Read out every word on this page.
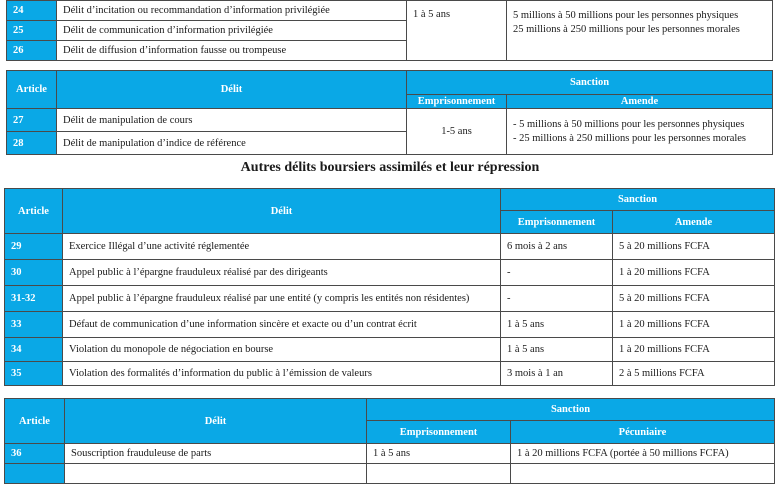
24	Délit d’incitation ou recommandation d’information privilégiée	1 à 5 ans	5 millions à 50 millions pour les personnes physiques
25 millions à 250 millions pour les personnes morales

25	Délit de communication d’information privilégiée		
26	Délit de diffusion d’information fausse ou trompeuse		
Article	Délit	Sanction	
		Emprisonnement	Amende
27	Délit de manipulation de cours	1-5 ans	- 5 millions à 50 millions pour les personnes physiques
- 25 millions à 250 millions pour les personnes morales

28	Délit de manipulation d’indice de référence		
Autres délits boursiers assimilés et leur répression
Article	Délit	Sanction	
		Emprisonnement	Amende
29	Exercice Illégal d’une activité réglementée	6 mois à 2 ans	5 à 20 millions FCFA
30	Appel public à l’épargne frauduleux réalisé par des dirigeants	-	1 à 20 millions FCFA
31-32	Appel public à l’épargne frauduleux réalisé par une entité (y compris les entités non résidentes)	-	5 à 20 millions FCFA
33	Défaut de communication d’une information sincère et exacte ou d’un contrat écrit	1 à 5 ans	1 à 20 millions FCFA
34	Violation du monopole de négociation en bourse	1 à 5 ans	1 à 20 millions FCFA
35	Violation des formalités d’information du public à l’émission de valeurs	3 mois à 1 an	2 à 5 millions FCFA
Article	Délit	Sanction	
		Emprisonnement	Pécuniaire
36	Souscription frauduleuse de parts	1 à 5 ans	1 à 20 millions FCFA (portée à 50 millions FCFA)
